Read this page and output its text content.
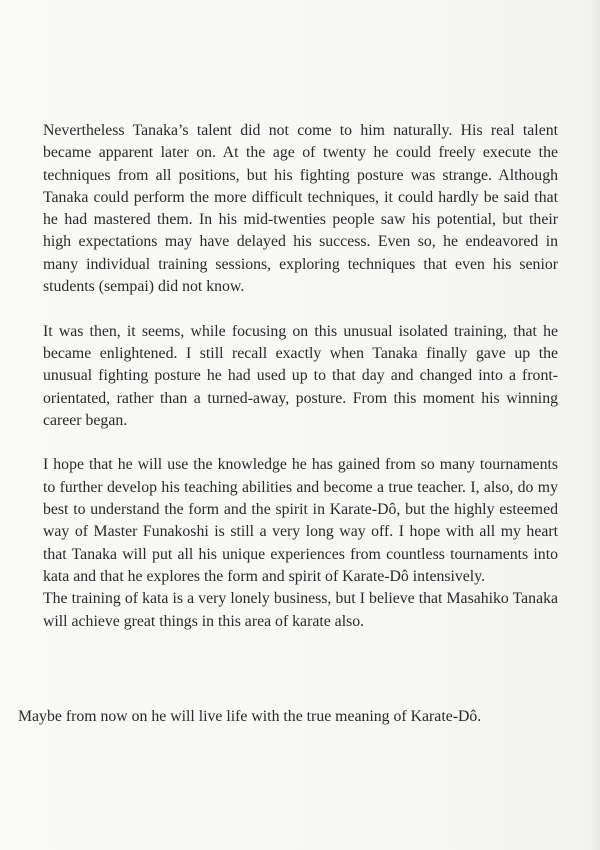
Nevertheless Tanaka’s talent did not come to him naturally. His real talent became apparent later on. At the age of twenty he could freely execute the techniques from all positions, but his fighting posture was strange. Although Tanaka could perform the more difficult techniques, it could hardly be said that he had mastered them. In his mid-twenties people saw his potential, but their high expectations may have delayed his success. Even so, he endeavored in many individual training sessions, exploring techniques that even his senior students (sempai) did not know.

It was then, it seems, while focusing on this unusual isolated training, that he became enlightened. I still recall exactly when Tanaka finally gave up the unusual fighting posture he had used up to that day and changed into a front-orientated, rather than a turned-away, posture. From this moment his winning career began.

I hope that he will use the knowledge he has gained from so many tournaments to further develop his teaching abilities and become a true teacher. I, also, do my best to understand the form and the spirit in Karate-Dô, but the highly esteemed way of Master Funakoshi is still a very long way off. I hope with all my heart that Tanaka will put all his unique experiences from countless tournaments into kata and that he explores the form and spirit of Karate-Dô intensively.

The training of kata is a very lonely business, but I believe that Masahiko Tanaka will achieve great things in this area of karate also.

Maybe from now on he will live life with the true meaning of Karate-Dô.
